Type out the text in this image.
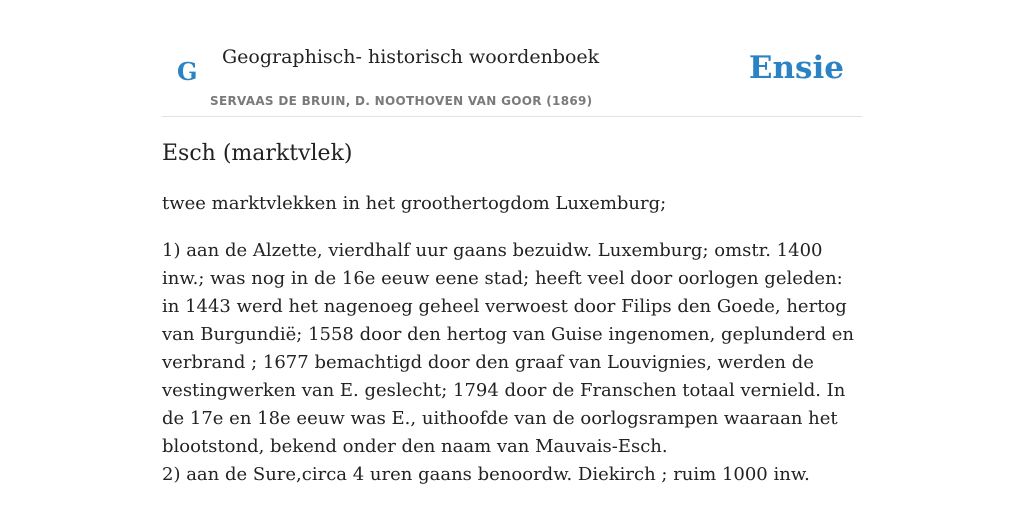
G Geographisch- historisch woordenboek
SERVAAS DE BRUIN, D. NOOTHOVEN VAN GOOR (1869)
Ensie
Esch (marktvlek)

twee marktvlekken in het groothertogdom Luxemburg;

1) aan de Alzette, vierdhalf uur gaans bezuidw. Luxemburg; omstr. 1400 inw.; was nog in de 16e eeuw eene stad; heeft veel door oorlogen geleden: in 1443 werd het nagenoeg geheel verwoest door Filips den Goede, hertog van Burgundië; 1558 door den hertog van Guise ingenomen, geplunderd en verbrand ; 1677 bemachtigd door den graaf van Louvignies, werden de vestingwerken van E. geslecht; 1794 door de Franschen totaal vernield. In de 17e en 18e eeuw was E., uithoofde van de oorlogsrampen waaraan het blootstond, bekend onder den naam van Mauvais-Esch.
2) aan de Sure,circa 4 uren gaans benoordw. Diekirch ; ruim 1000 inw.
